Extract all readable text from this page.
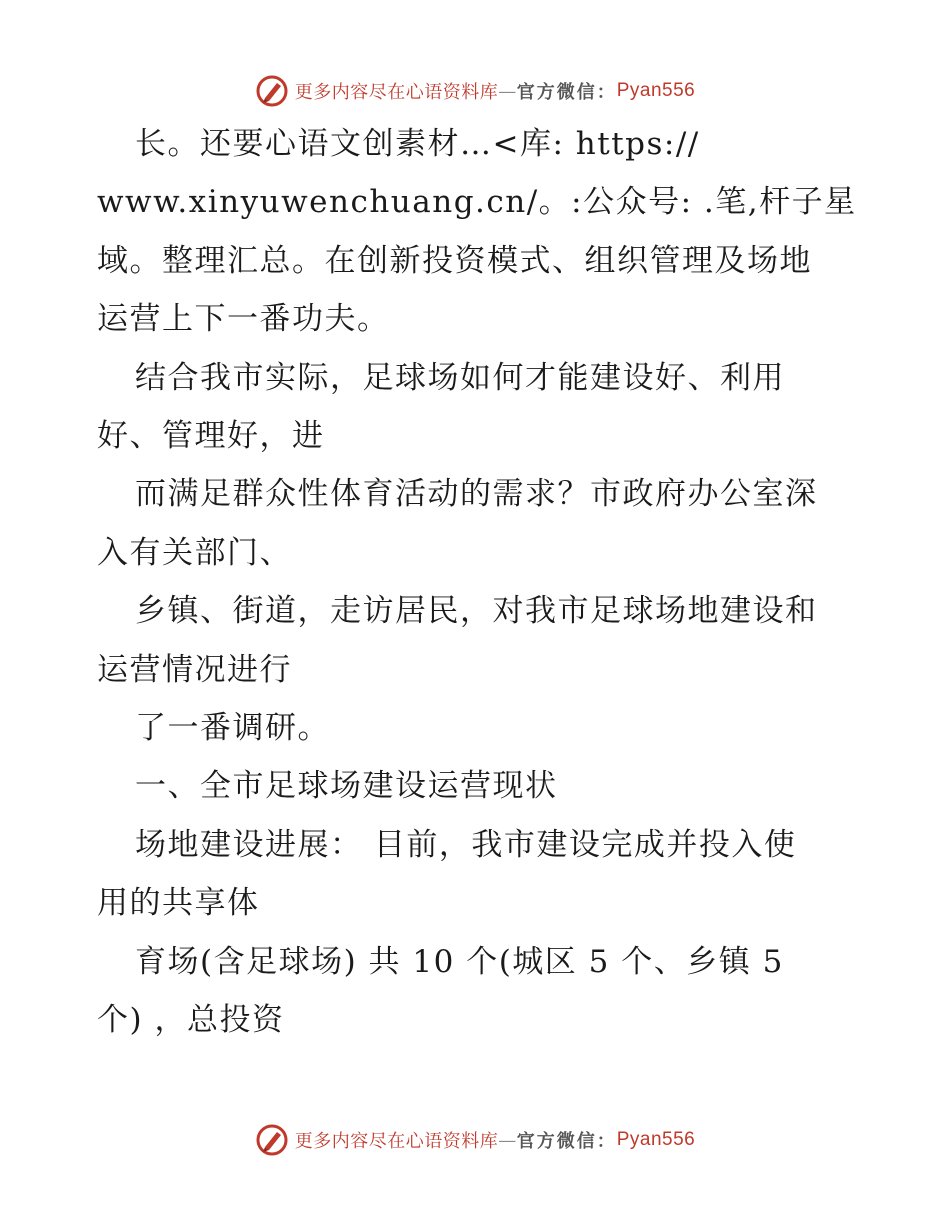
更多内容尽在心语资料库 — 官方微信： Pyan556

长。还要心语文创素材…<库: https://

www.xinyuwenchuang.cn/。:公众号: .笔,杆子星

域。整理汇总。在创新投资模式、组织管理及场地

运营上下一番功夫。

结合我市实际，足球场如何才能建设好、利用

好、管理好，进

而满足群众性体育活动的需求？市政府办公室深

入有关部门、

乡镇、街道，走访居民，对我市足球场地建设和

运营情况进行

了一番调研。

一、全市足球场建设运营现状

场地建设进展： 目前，我市建设完成并投入使

用的共享体

育场(含足球场) 共 10 个(城区 5 个、乡镇 5

个) ，总投资

更多内容尽在心语资料库 — 官方微信： Pyan556
